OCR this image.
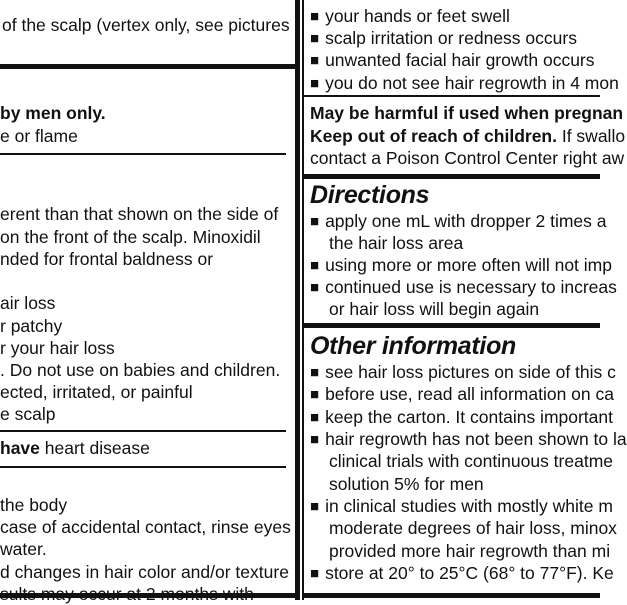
of the scalp (vertex only, see pictures
by men only.
e or flame
erent than that shown on the side of
on the front of the scalp. Minoxidil
nded for frontal baldness or
air loss
r patchy
r your hair loss
. Do not use on babies and children.
ected, irritated, or painful
e scalp
have heart disease
the body
case of accidental contact, rinse eyes
water.
d changes in hair color and/or texture
sults may occur at 2 months with
■ your hands or feet swell
■ scalp irritation or redness occurs
■ unwanted facial hair growth occurs
■ you do not see hair regrowth in 4 mon
May be harmful if used when pregnan
Keep out of reach of children. If swallo
contact a Poison Control Center right aw
Directions
■ apply one mL with dropper 2 times a
the hair loss area
■ using more or more often will not imp
■ continued use is necessary to increas
or hair loss will begin again
Other information
■ see hair loss pictures on side of this c
■ before use, read all information on ca
■ keep the carton. It contains important
■ hair regrowth has not been shown to la
clinical trials with continuous treatme
solution 5% for men
■ in clinical studies with mostly white m
moderate degrees of hair loss, minox
provided more hair regrowth than mi
■ store at 20° to 25°C (68° to 77°F). Ke
